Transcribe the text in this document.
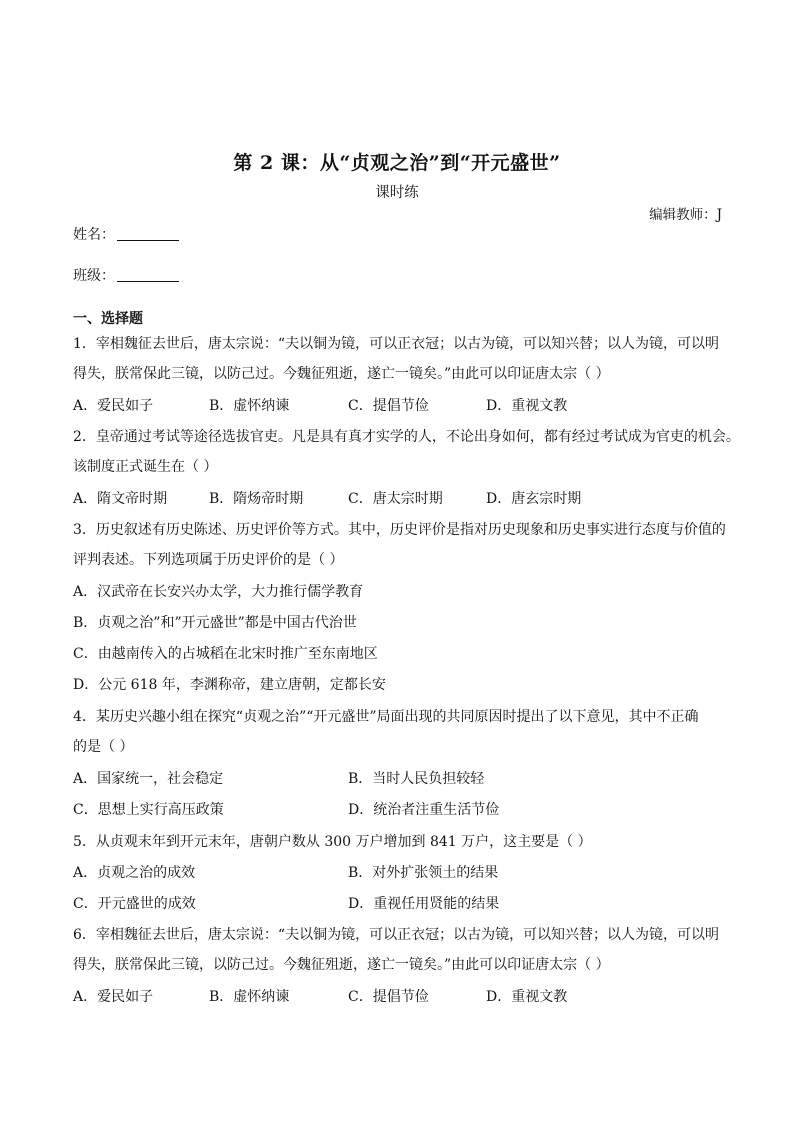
第 2 课：从“贞观之治”到“开元盛世”
课时练
编辑教师：J
姓名：
班级：
一、选择题
1．宰相魏征去世后，唐太宗说：“夫以铜为镜，可以正衣冠；以古为镜，可以知兴替；以人为镜，可以明
得失，朕常保此三镜，以防己过。今魏征殂逝，遂亡一镜矣。”由此可以印证唐太宗（ ）
A．爱民如子	B．虚怀纳谏	C．提倡节俭	D．重视文教
2．皇帝通过考试等途径选拔官吏。凡是具有真才实学的人，不论出身如何，都有经过考试成为官吏的机会。
该制度正式诞生在（ ）
A．隋文帝时期	B．隋炀帝时期	C．唐太宗时期	D．唐玄宗时期
3．历史叙述有历史陈述、历史评价等方式。其中，历史评价是指对历史现象和历史事实进行态度与价值的
评判表述。下列选项属于历史评价的是（ ）
A．汉武帝在长安兴办太学，大力推行儒学教育
B．贞观之治”和”开元盛世”都是中国古代治世
C．由越南传入的占城稻在北宋时推广至东南地区
D．公元 618 年，李渊称帝，建立唐朝，定都长安
4．某历史兴趣小组在探究“贞观之治”“开元盛世”局面出现的共同原因时提出了以下意见，其中不正确
的是（ ）
A．国家统一，社会稳定	B．当时人民负担较轻
C．思想上实行高压政策	D．统治者注重生活节俭
5．从贞观末年到开元末年，唐朝户数从 300 万户增加到 841 万户，这主要是（ ）
A．贞观之治的成效	B．对外扩张领土的结果
C．开元盛世的成效	D．重视任用贤能的结果
6．宰相魏征去世后，唐太宗说：“夫以铜为镜，可以正衣冠；以古为镜，可以知兴替；以人为镜，可以明
得失，朕常保此三镜，以防己过。今魏征殂逝，遂亡一镜矣。”由此可以印证唐太宗（ ）
A．爱民如子	B．虚怀纳谏	C．提倡节俭	D．重视文教
